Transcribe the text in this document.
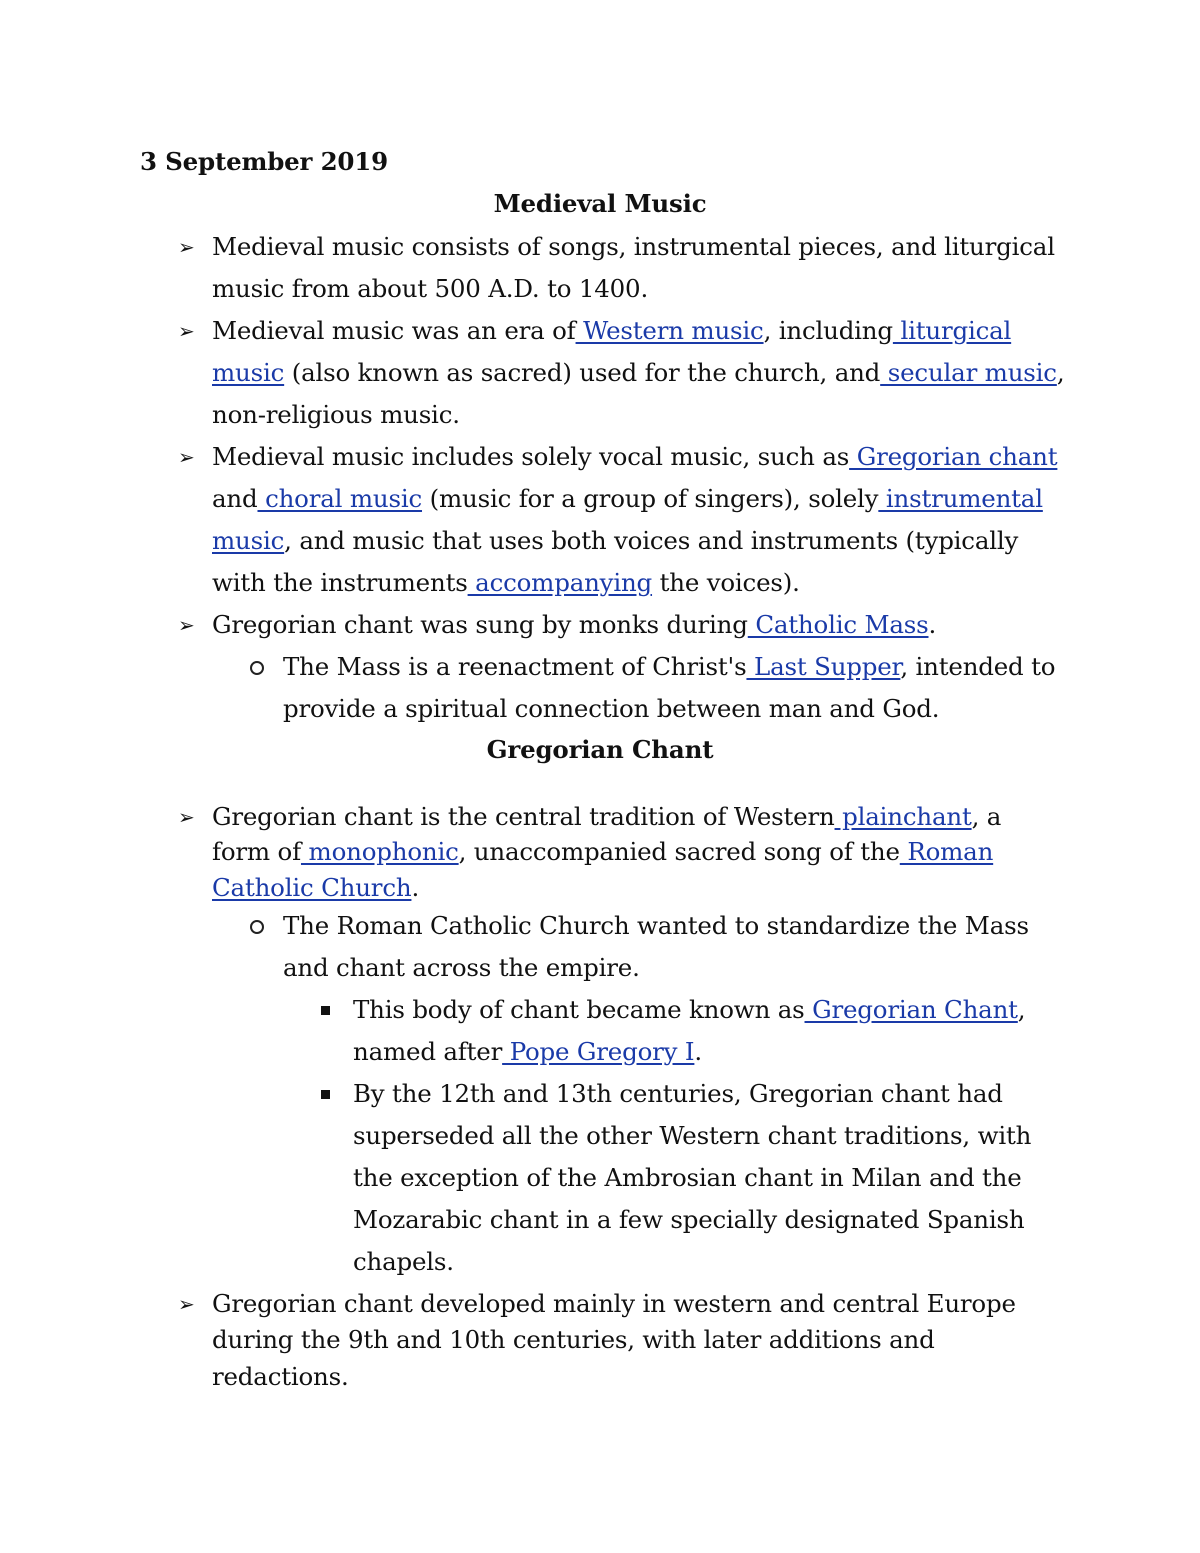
3 September 2019
Medieval Music
➢ Medieval music consists of songs, instrumental pieces, and liturgical
music from about 500 A.D. to 1400.
➢ Medieval music was an era of Western music, including liturgical
music (also known as sacred) used for the church, and secular music,
non-religious music.
➢ Medieval music includes solely vocal music, such as Gregorian chant
and choral music (music for a group of singers), solely instrumental
music, and music that uses both voices and instruments (typically
with the instruments accompanying the voices).
➢ Gregorian chant was sung by monks during Catholic Mass.
The Mass is a reenactment of Christ's Last Supper, intended to
provide a spiritual connection between man and God.
Gregorian Chant
➢ Gregorian chant is the central tradition of Western plainchant, a
form of monophonic, unaccompanied sacred song of the Roman
Catholic Church.
The Roman Catholic Church wanted to standardize the Mass
and chant across the empire.
This body of chant became known as Gregorian Chant,
named after Pope Gregory I.
By the 12th and 13th centuries, Gregorian chant had
superseded all the other Western chant traditions, with
the exception of the Ambrosian chant in Milan and the
Mozarabic chant in a few specially designated Spanish
chapels.
➢ Gregorian chant developed mainly in western and central Europe
during the 9th and 10th centuries, with later additions and
redactions.
